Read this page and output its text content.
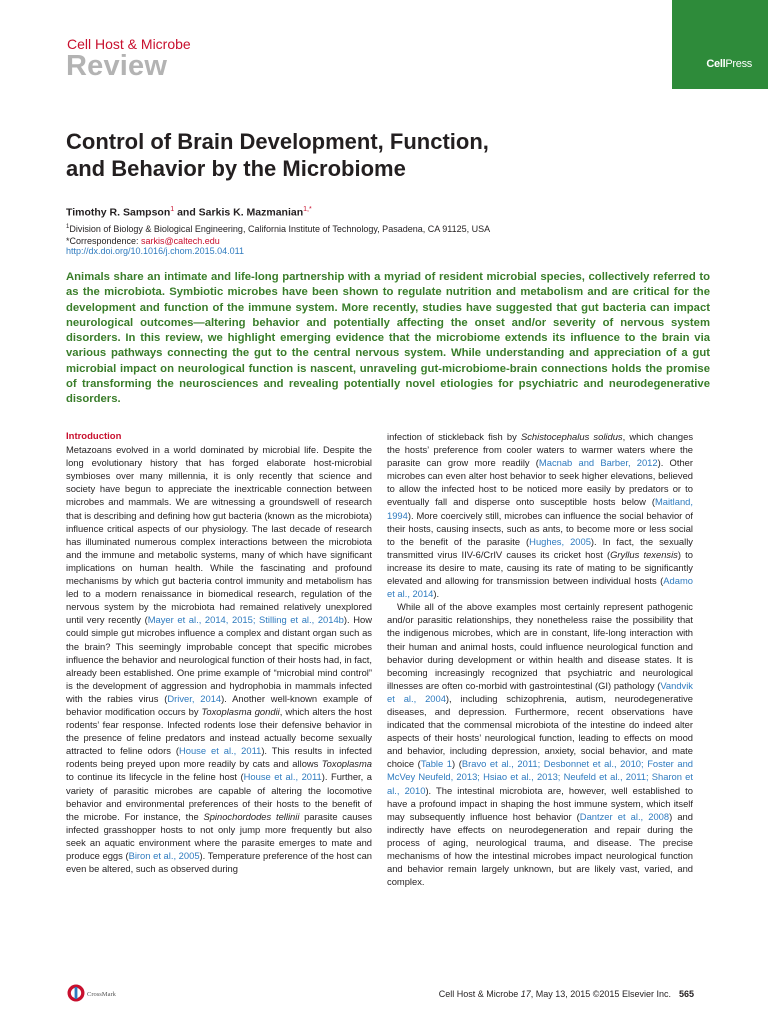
Cell Host & Microbe
Review	CellPress
Control of Brain Development, Function,
and Behavior by the Microbiome
Timothy R. Sampson$^1$ and Sarkis K. Mazmanian$^{1,*}$
$^1$Division of Biology & Biological Engineering, California Institute of Technology, Pasadena, CA 91125, USA
*Correspondence: sarkis@caltech.edu
http://dx.doi.org/10.1016/j.chom.2015.04.011
Animals share an intimate and life-long partnership with a myriad of resident microbial species, collectively referred to as the microbiota. Symbiotic microbes have been shown to regulate nutrition and metabolism and are critical for the development and function of the immune system. More recently, studies have suggested that gut bacteria can impact neurological outcomes—altering behavior and potentially affecting the onset and/or severity of nervous system disorders. In this review, we highlight emerging evidence that the microbiome extends its influence to the brain via various pathways connecting the gut to the central nervous system. While understanding and appreciation of a gut microbial impact on neurological function is nascent, unraveling gut-microbiome-brain connections holds the promise of transforming the neurosciences and revealing potentially novel etiologies for psychiatric and neurodegenerative disorders.
Introduction

Metazoans evolved in a world dominated by microbial life. Despite the long evolutionary history that has forged elaborate host-microbial symbioses over many millennia, it is only recently that science and society have begun to appreciate the inextricable connection between microbes and mammals. We are witnessing a groundswell of research that is describing and defining how gut bacteria (known as the microbiota) influence critical aspects of our physiology. The last decade of research has illuminated numerous complex interactions between the microbiota and the immune and metabolic systems, many of which have significant implications on human health. While the fascinating and profound mechanisms by which gut bacteria control immunity and metabolism has led to a modern renaissance in biomedical research, regulation of the nervous system by the microbiota had remained relatively unexplored until very recently (Mayer et al., 2014, 2015; Stilling et al., 2014b). How could simple gut microbes influence a complex and distant organ such as the brain? This seemingly improbable concept that specific microbes influence the behavior and neurological function of their hosts had, in fact, already been established. One prime example of “microbial mind control” is the development of aggression and hydrophobia in mammals infected with the rabies virus (Driver, 2014). Another well-known example of behavior modification occurs by Toxoplasma gondii, which alters the host rodents’ fear response. Infected rodents lose their defensive behavior in the presence of feline predators and instead actually become sexually attracted to feline odors (House et al., 2011). This results in infected rodents being preyed upon more readily by cats and allows Toxoplasma to continue its lifecycle in the feline host (House et al., 2011). Further, a variety of parasitic microbes are capable of altering the locomotive behavior and environmental preferences of their hosts to the benefit of the microbe. For instance, the Spinochordodes tellinii parasite causes infected grasshopper hosts to not only jump more frequently but also seek an aquatic environment where the parasite emerges to mate and produce eggs (Biron et al., 2005). Temperature preference of the host can even be altered, such as observed during

infection of stickleback fish by Schistocephalus solidus, which changes the hosts’ preference from cooler waters to warmer waters where the parasite can grow more readily (Macnab and Barber, 2012). Other microbes can even alter host behavior to seek higher elevations, believed to allow the infected host to be noticed more easily by predators or to eventually fall and disperse onto susceptible hosts below (Maitland, 1994). More coercively still, microbes can influence the social behavior of their hosts, causing insects, such as ants, to become more or less social to the benefit of the parasite (Hughes, 2005). In fact, the sexually transmitted virus IIV-6/CrIV causes its cricket host (Gryllus texensis) to increase its desire to mate, causing its rate of mating to be significantly elevated and allowing for transmission between individual hosts (Adamo et al., 2014).

While all of the above examples most certainly represent pathogenic and/or parasitic relationships, they nonetheless raise the possibility that the indigenous microbes, which are in constant, life-long interaction with their human and animal hosts, could influence neurological function and behavior during development or within health and disease states. It is becoming increasingly recognized that psychiatric and neurological illnesses are often co-morbid with gastrointestinal (GI) pathology (Vandvik et al., 2004), including schizophrenia, autism, neurodegenerative diseases, and depression. Furthermore, recent observations have indicated that the commensal microbiota of the intestine do indeed alter aspects of their hosts’ neurological function, leading to effects on mood and behavior, including depression, anxiety, social behavior, and mate choice (Table 1) (Bravo et al., 2011; Desbonnet et al., 2010; Foster and McVey Neufeld, 2013; Hsiao et al., 2013; Neufeld et al., 2011; Sharon et al., 2010). The intestinal microbiota are, however, well established to have a profound impact in shaping the host immune system, which itself may subsequently influence host behavior (Dantzer et al., 2008) and indirectly have effects on neurodegeneration and repair during the process of aging, neurological trauma, and disease. The precise mechanisms of how the intestinal microbes impact neurological function and behavior remain largely unknown, but are likely vast, varied, and complex.

CrossMark	Cell Host & Microbe 17, May 13, 2015 ©2015 Elsevier Inc. 565
